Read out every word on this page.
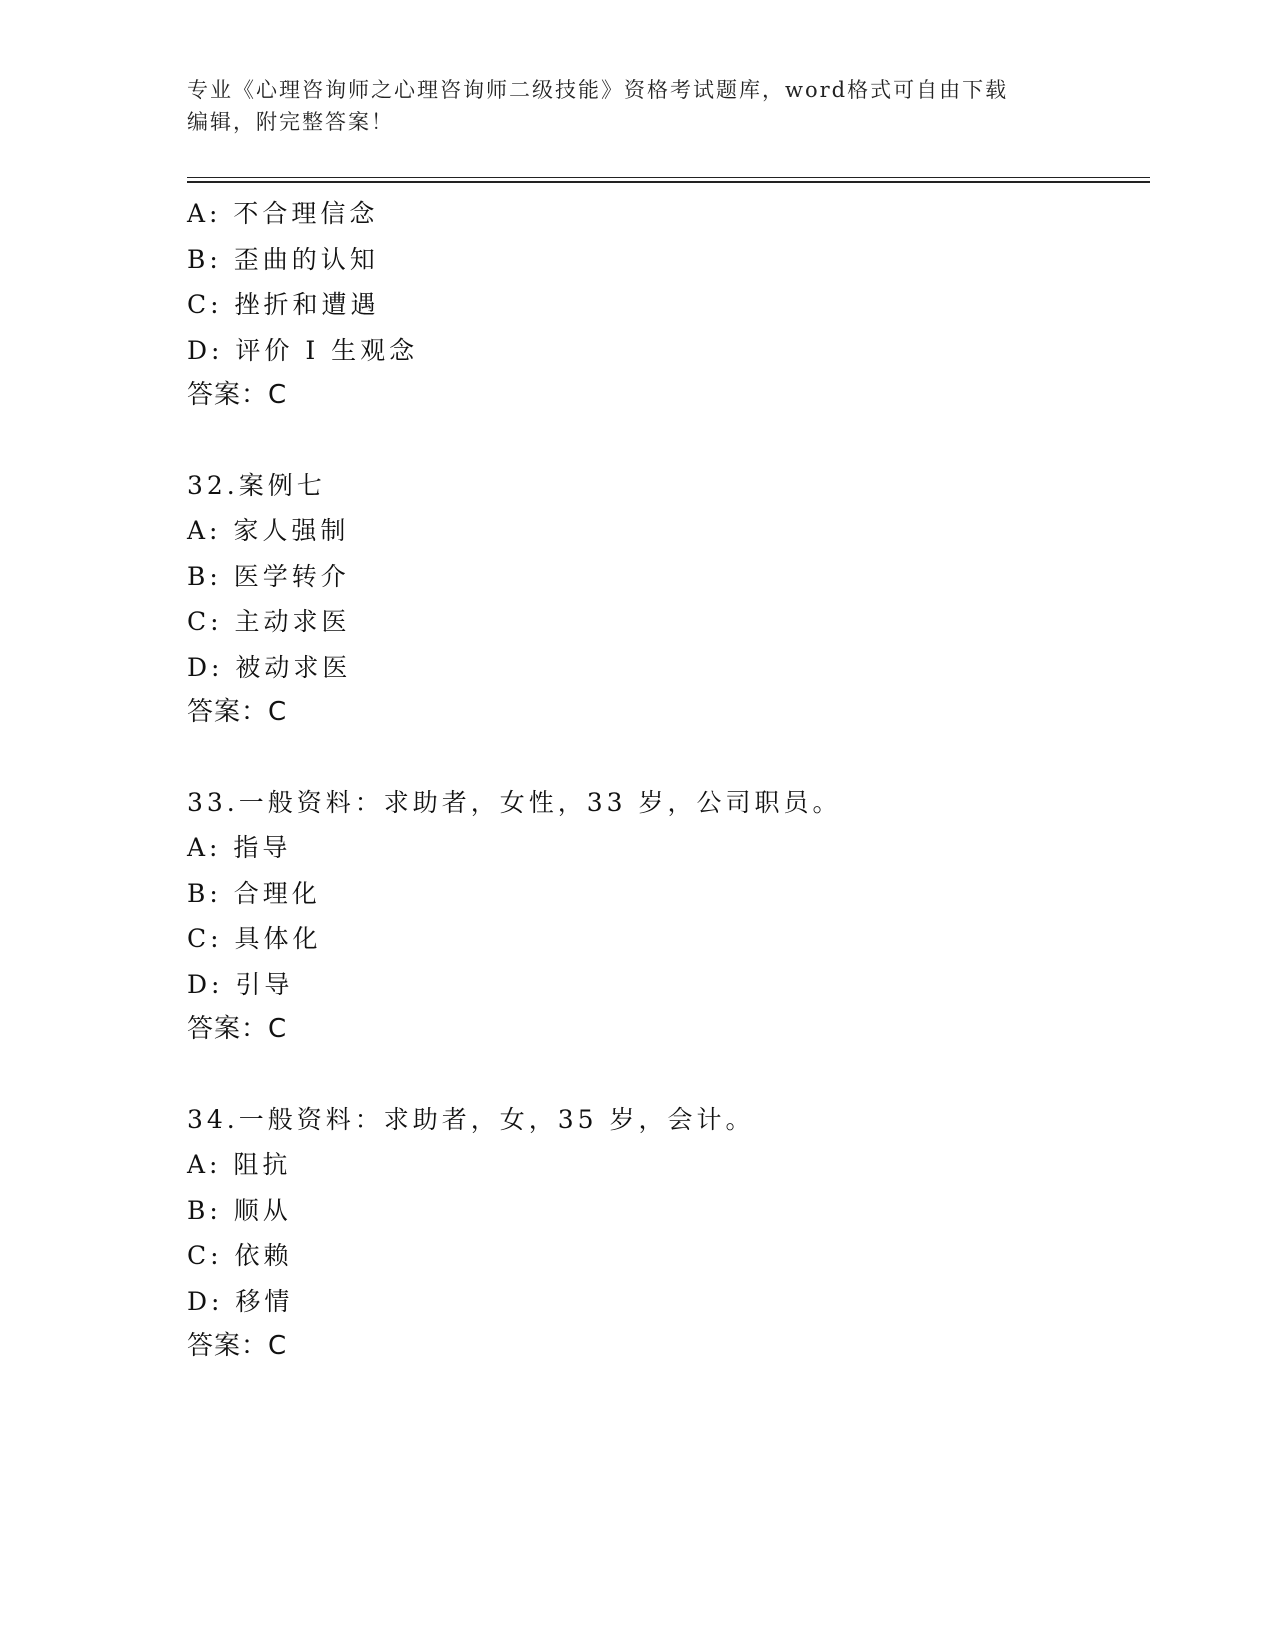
专业《心理咨询师之心理咨询师二级技能》资格考试题库，word格式可自由下载
编辑，附完整答案！
A: 不合理信念
B: 歪曲的认知
C: 挫折和遭遇
D: 评价 I 生观念
答案：C
32.案例七
A: 家人强制
B: 医学转介
C: 主动求医
D: 被动求医
答案：C
33.一般资料：求助者，女性，33 岁，公司职员。
A: 指导
B: 合理化
C: 具体化
D: 引导
答案：C
34.一般资料：求助者，女，35 岁，会计。
A: 阻抗
B: 顺从
C: 依赖
D: 移情
答案：C
